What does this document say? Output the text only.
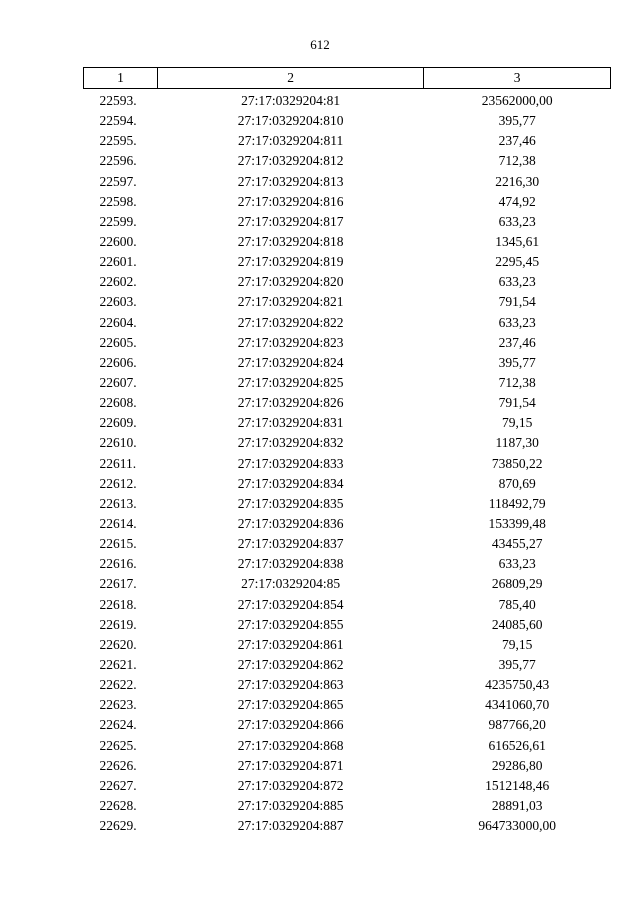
612
1	2	3
22593.	27:17:0329204:81	23562000,00
22594.	27:17:0329204:810	395,77
22595.	27:17:0329204:811	237,46
22596.	27:17:0329204:812	712,38
22597.	27:17:0329204:813	2216,30
22598.	27:17:0329204:816	474,92
22599.	27:17:0329204:817	633,23
22600.	27:17:0329204:818	1345,61
22601.	27:17:0329204:819	2295,45
22602.	27:17:0329204:820	633,23
22603.	27:17:0329204:821	791,54
22604.	27:17:0329204:822	633,23
22605.	27:17:0329204:823	237,46
22606.	27:17:0329204:824	395,77
22607.	27:17:0329204:825	712,38
22608.	27:17:0329204:826	791,54
22609.	27:17:0329204:831	79,15
22610.	27:17:0329204:832	1187,30
22611.	27:17:0329204:833	73850,22
22612.	27:17:0329204:834	870,69
22613.	27:17:0329204:835	118492,79
22614.	27:17:0329204:836	153399,48
22615.	27:17:0329204:837	43455,27
22616.	27:17:0329204:838	633,23
22617.	27:17:0329204:85	26809,29
22618.	27:17:0329204:854	785,40
22619.	27:17:0329204:855	24085,60
22620.	27:17:0329204:861	79,15
22621.	27:17:0329204:862	395,77
22622.	27:17:0329204:863	4235750,43
22623.	27:17:0329204:865	4341060,70
22624.	27:17:0329204:866	987766,20
22625.	27:17:0329204:868	616526,61
22626.	27:17:0329204:871	29286,80
22627.	27:17:0329204:872	1512148,46
22628.	27:17:0329204:885	28891,03
22629.	27:17:0329204:887	964733000,00
